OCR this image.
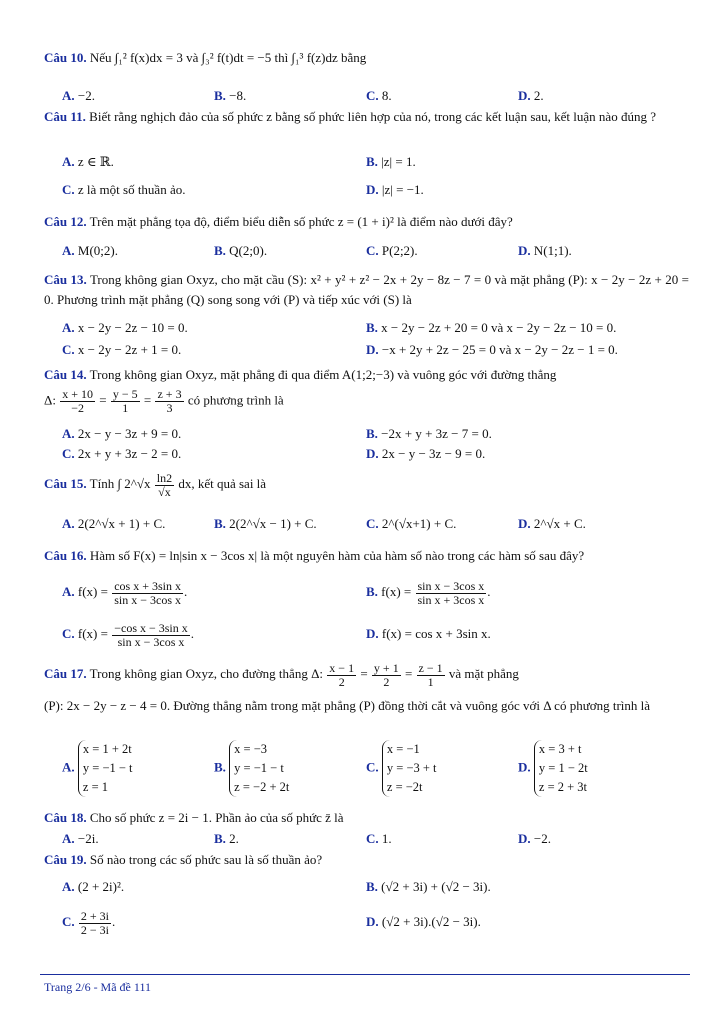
Câu 10. Nếu ∫₁² f(x)dx = 3 và ∫₃² f(t)dt = −5 thì ∫₁³ f(z)dz bằng
A. −2.	B. −8.	C. 8.	D. 2.
Câu 11. Biết rằng nghịch đảo của số phức z bằng số phức liên hợp của nó, trong các kết luận sau, kết luận nào đúng ?
A. z ∈ ℝ.	B. |z| = 1.
C. z là một số thuần ảo.	D. |z| = −1.
Câu 12. Trên mặt phẳng tọa độ, điểm biểu diễn số phức z = (1 + i)² là điểm nào dưới đây?
A. M(0;2).	B. Q(2;0).	C. P(2;2).	D. N(1;1).
Câu 13. Trong không gian Oxyz, cho mặt cầu (S): x² + y² + z² − 2x + 2y − 8z − 7 = 0 và mặt phẳng (P): x − 2y − 2z + 20 = 0. Phương trình mặt phẳng (Q) song song với (P) và tiếp xúc với (S) là
A. x − 2y − 2z − 10 = 0.	B. x − 2y − 2z + 20 = 0 và x − 2y − 2z − 10 = 0.
C. x − 2y − 2z + 1 = 0.	D. −x + 2y + 2z − 25 = 0 và x − 2y − 2z − 1 = 0.
Câu 14. Trong không gian Oxyz, mặt phẳng đi qua điểm A(1;2;−3) và vuông góc với đường thẳng
Δ: $\frac{x + 10}{-2} = \frac{y - 5}{1} = \frac{z + 3}{3}$ có phương trình là
A. 2x − y − 3z + 9 = 0.	B. −2x + y + 3z − 7 = 0.
C. 2x + y + 3z − 2 = 0.	D. 2x − y − 3z − 9 = 0.
Câu 15. Tính ∫ 2^√x $\frac{\ln 2}{√x}$ dx, kết quả sai là
A. 2(2^√x + 1) + C.	B. 2(2^√x − 1) + C.	C. 2^(√x+1) + C.	D. 2^√x + C.
Câu 16. Hàm số F(x) = ln|sin x − 3cos x| là một nguyên hàm của hàm số nào trong các hàm số sau đây?
A. $f(x) = \frac{\text{cos x + 3sin x}}{\text{sin x − 3cos x}}$ .	B. $f(x) = \frac{\text{sin x − 3cos x}}{\text{sin x + 3cos x}}$ .
C. $f(x) = \frac{\text{−cos x − 3sin x}}{\text{sin x − 3cos x}}$ .	D. f(x) = cos x + 3sin x.
Câu 17. Trong không gian Oxyz, cho đường thẳng Δ: $\frac{x - 1}{2} = \frac{y + 1}{2} = \frac{z - 1}{1}$ và mặt phẳng
(P): 2x − 2y − z − 4 = 0. Đường thẳng nằm trong mặt phẳng (P) đồng thời cắt và vuông góc với Δ có phương trình là
A.
x = 1 + 2t
y = −1 − t
z = 1
B.
x = −3
y = −1 − t
z = −2 + 2t
C.
x = −1
y = −3 + t
z = −2t
D.
x = 3 + t
y = 1 − 2t
z = 2 + 3t
Câu 18. Cho số phức z = 2i − 1. Phần ảo của số phức z̄ là
A. −2i.	B. 2.	C. 1.	D. −2.
Câu 19. Số nào trong các số phức sau là số thuần ảo?
A. (2 + 2i)².	B. (√2 + 3i) + (√2 − 3i).
C. $\frac{2 + 3i}{2 - 3i}$ .	D. (√2 + 3i).(√2 − 3i).
Trang 2/6 - Mã đề 111
